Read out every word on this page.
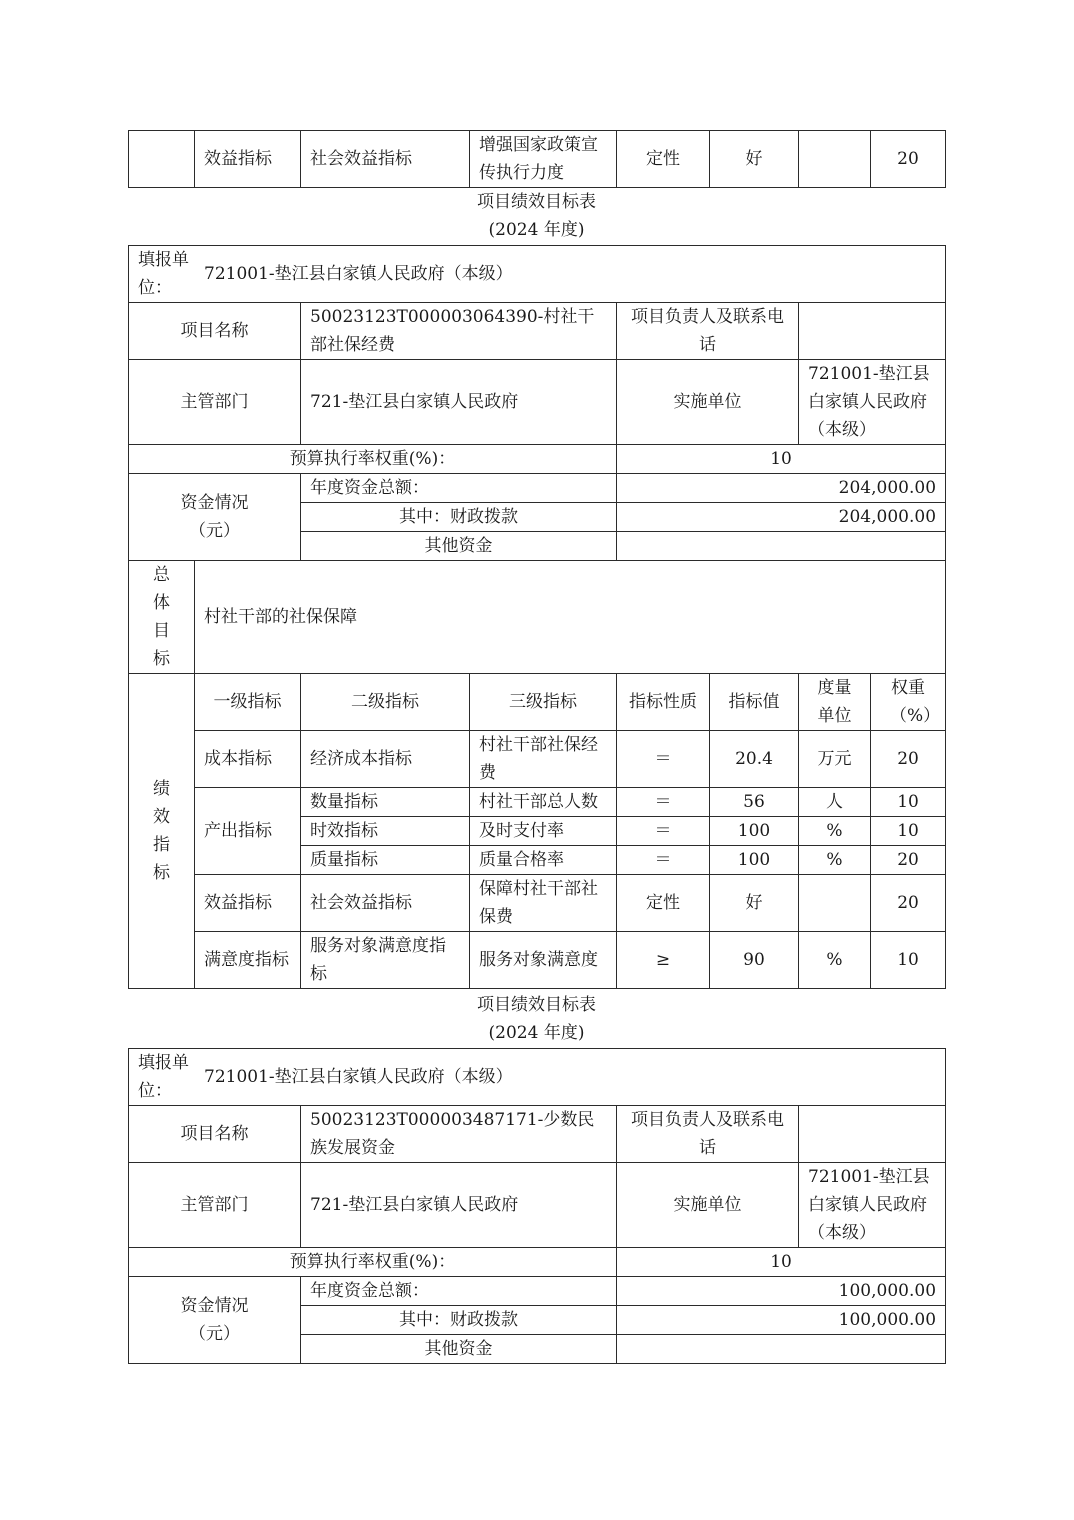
	效益指标	社会效益指标	增强国家政策宣传执行力度	定性	好		20
项目绩效目标表
(2024 年度)
填报单位：
721001-垫江县白家镇人民政府（本级）							

项目名称		50023123T000003064390-村社干部社保经费		项目负责人及联系电话			
主管部门		721-垫江县白家镇人民政府		实施单位		721001-垫江县白家镇人民政府（本级）	
预算执行率权重(%)：				10			

资金情况（元）		年度资金总额：		204,000.00			
		其中：财政拨款		204,000.00			
		其他资金					

总体目标	村社干部的社保保障						

绩效指标	一级指标	二级指标	三级指标	指标性质	指标值	度量单位	权重（%）

	成本指标	经济成本指标	村社干部社保经费	＝	20.4	万元	20
	产出指标	数量指标	村社干部总人数	＝	56	人	10
		时效指标	及时支付率	＝	100	%	10
		质量指标	质量合格率	＝	100	%	20
	效益指标	社会效益指标	保障村社干部社保费	定性	好		20
	满意度指标	服务对象满意度指标	服务对象满意度	≥	90	%	10
项目绩效目标表
(2024 年度)
填报单位：
721001-垫江县白家镇人民政府（本级）			

项目名称	50023123T000003487171-少数民族发展资金	项目负责人及联系电话	
主管部门	721-垫江县白家镇人民政府	实施单位	721001-垫江县白家镇人民政府（本级）
预算执行率权重(%)：		10	

资金情况（元）	年度资金总额：	100,000.00	
	其中：财政拨款	100,000.00	
	其他资金		
